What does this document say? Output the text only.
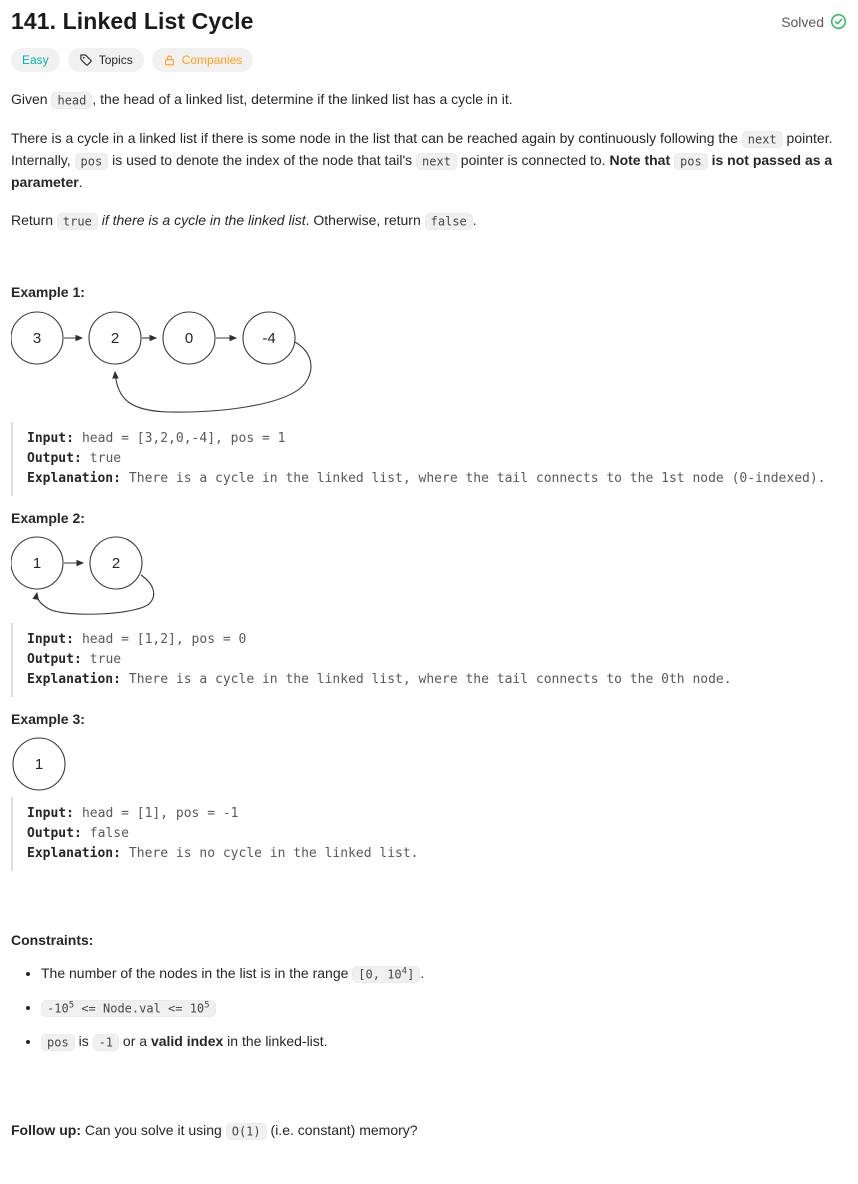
141. Linked List Cycle	Solved
Easy	Topics	Companies

Given head , the head of a linked list, determine if the linked list has a cycle in it.

There is a cycle in a linked list if there is some node in the list that can be reached again by continuously following the next pointer. Internally, pos is used to denote the index of the node that tail's next pointer is connected to. Note that pos is not passed as a parameter.

Return true if there is a cycle in the linked list. Otherwise, return false .

Example 1:

3	2	0	-4
Input: head = [3,2,0,-4], pos = 1
Output: true
Explanation: There is a cycle in the linked list, where the tail connects to the 1st node (0-indexed).

Example 2:

1	2
Input: head = [1,2], pos = 0
Output: true
Explanation: There is a cycle in the linked list, where the tail connects to the 0th node.

Example 3:

1
Input: head = [1], pos = -1
Output: false
Explanation: There is no cycle in the linked list.

Constraints:

• The number of the nodes in the list is in the range [0, $10^4$] .
• $-10^5$ <= Node.val <= $10^5$
• pos is -1 or a valid index in the linked-list.

Follow up: Can you solve it using O(1) (i.e. constant) memory?
